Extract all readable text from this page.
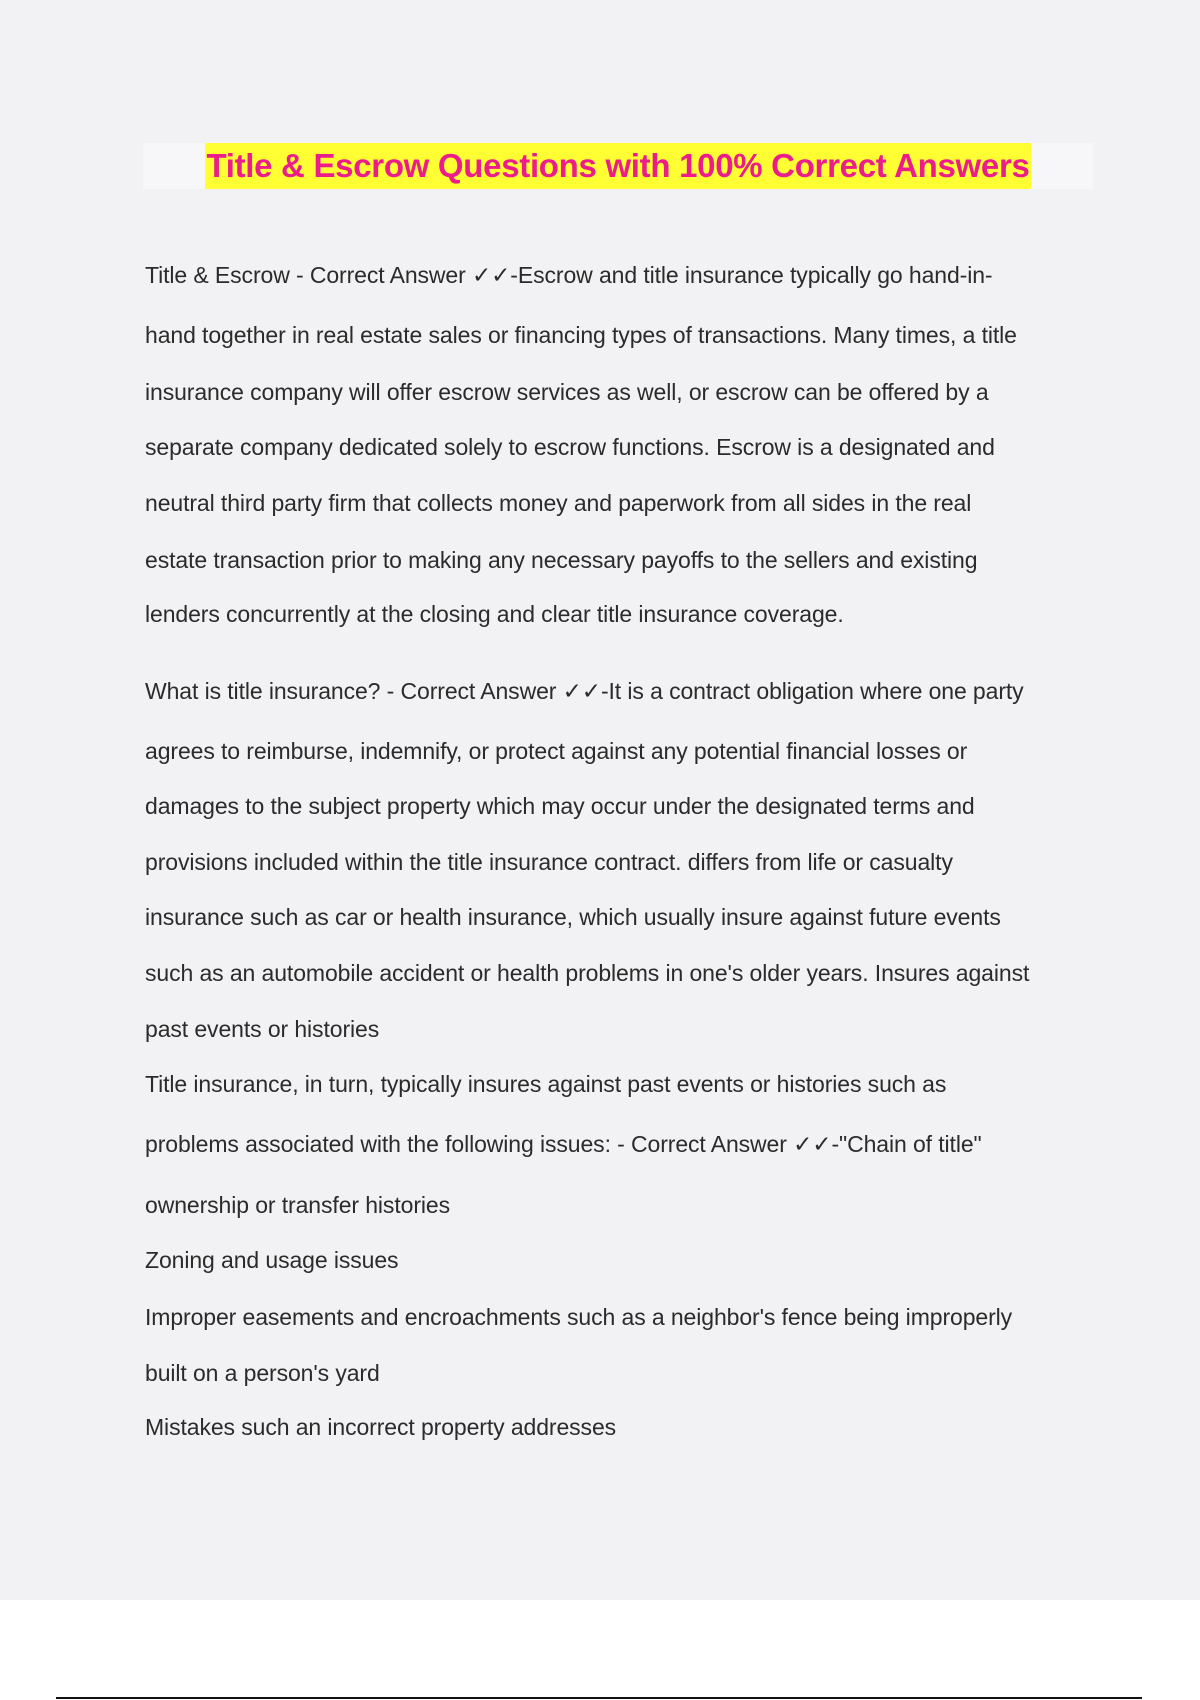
Title & Escrow Questions with 100% Correct Answers
Title & Escrow - Correct Answer ✓✓-Escrow and title insurance typically go hand-in-
hand together in real estate sales or financing types of transactions. Many times, a title
insurance company will offer escrow services as well, or escrow can be offered by a
separate company dedicated solely to escrow functions. Escrow is a designated and
neutral third party firm that collects money and paperwork from all sides in the real
estate transaction prior to making any necessary payoffs to the sellers and existing
lenders concurrently at the closing and clear title insurance coverage.
What is title insurance? - Correct Answer ✓✓-It is a contract obligation where one party
agrees to reimburse, indemnify, or protect against any potential financial losses or
damages to the subject property which may occur under the designated terms and
provisions included within the title insurance contract. differs from life or casualty
insurance such as car or health insurance, which usually insure against future events
such as an automobile accident or health problems in one's older years. Insures against
past events or histories
Title insurance, in turn, typically insures against past events or histories such as
problems associated with the following issues: - Correct Answer ✓✓-"Chain of title"
ownership or transfer histories
Zoning and usage issues
Improper easements and encroachments such as a neighbor's fence being improperly
built on a person's yard
Mistakes such an incorrect property addresses
